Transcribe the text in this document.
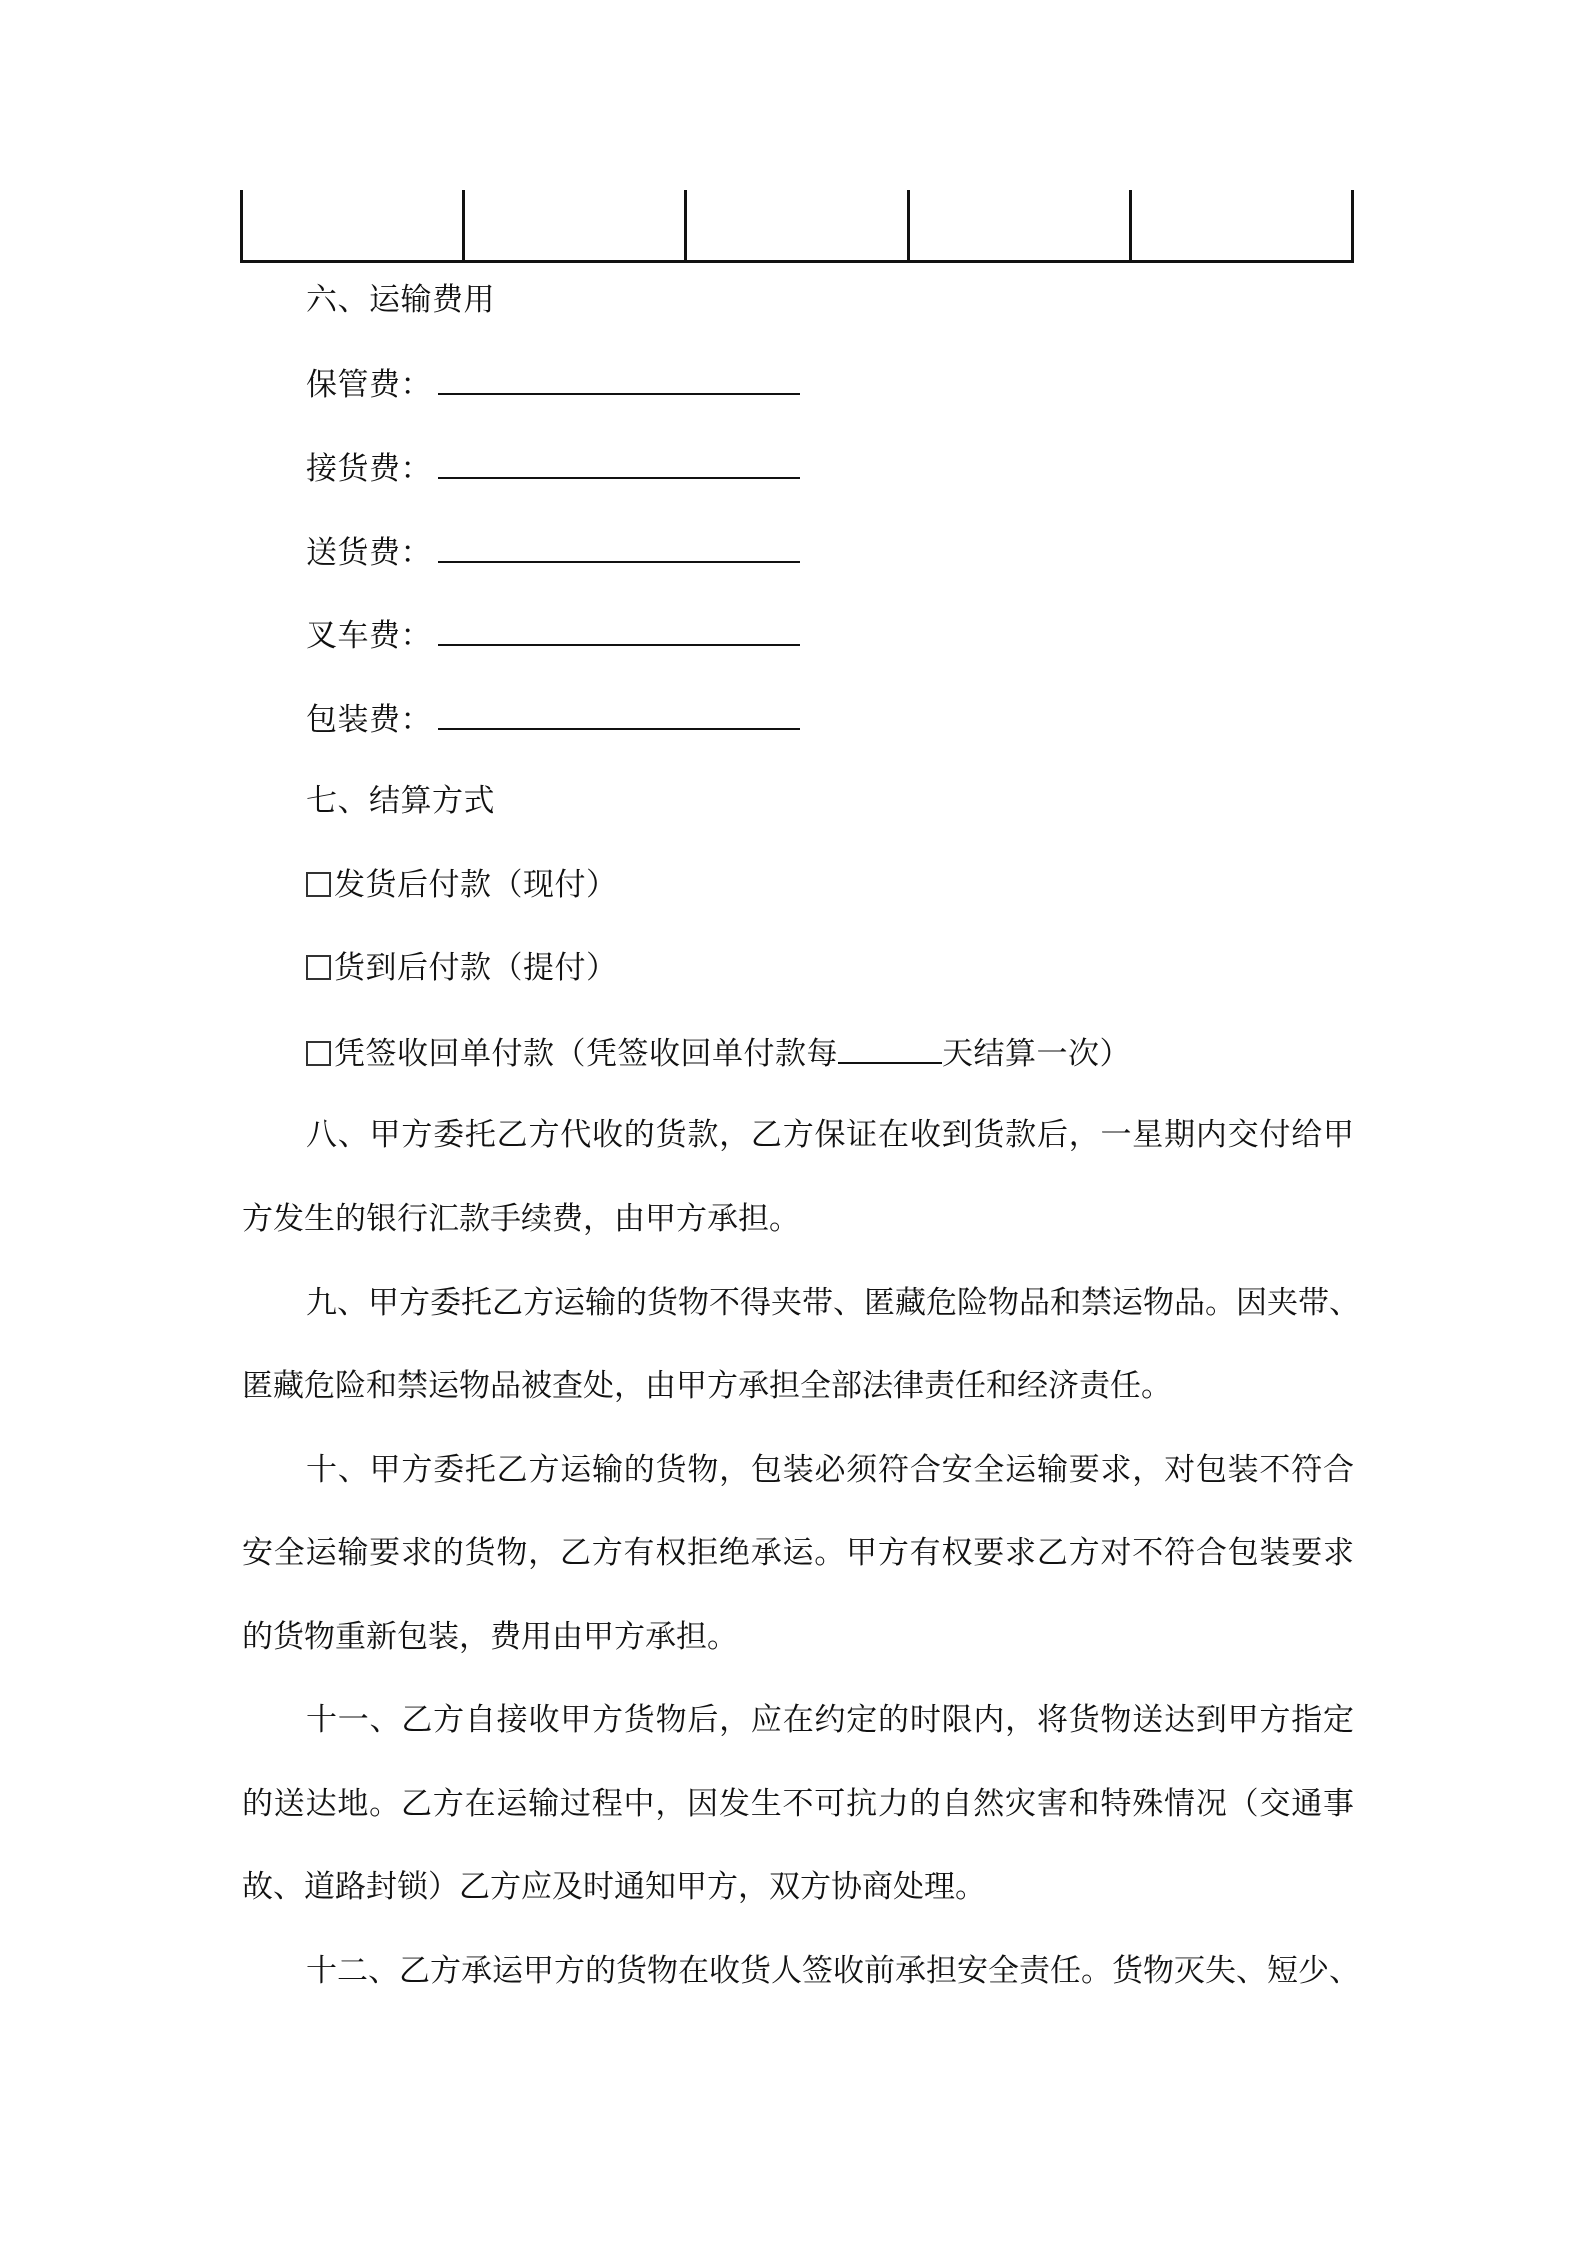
六、运输费用
保管费：
接货费：
送货费：
叉车费：
包装费：
七、结算方式
发货后付款（现付）
货到后付款（提付）
凭签收回单付款（凭签收回单付款每	天结算一次）
八、甲方委托乙方代收的货款，乙方保证在收到货款后，一星期内交付给甲
方发生的银行汇款手续费，由甲方承担。
九、甲方委托乙方运输的货物不得夹带、匿藏危险物品和禁运物品。因夹带、
匿藏危险和禁运物品被查处，由甲方承担全部法律责任和经济责任。
十、甲方委托乙方运输的货物，包装必须符合安全运输要求，对包装不符合
安全运输要求的货物，乙方有权拒绝承运。甲方有权要求乙方对不符合包装要求
的货物重新包装，费用由甲方承担。
十一、乙方自接收甲方货物后，应在约定的时限内，将货物送达到甲方指定
的送达地。乙方在运输过程中，因发生不可抗力的自然灾害和特殊情况（交通事
故、道路封锁）乙方应及时通知甲方，双方协商处理。
十二、乙方承运甲方的货物在收货人签收前承担安全责任。货物灭失、短少、
